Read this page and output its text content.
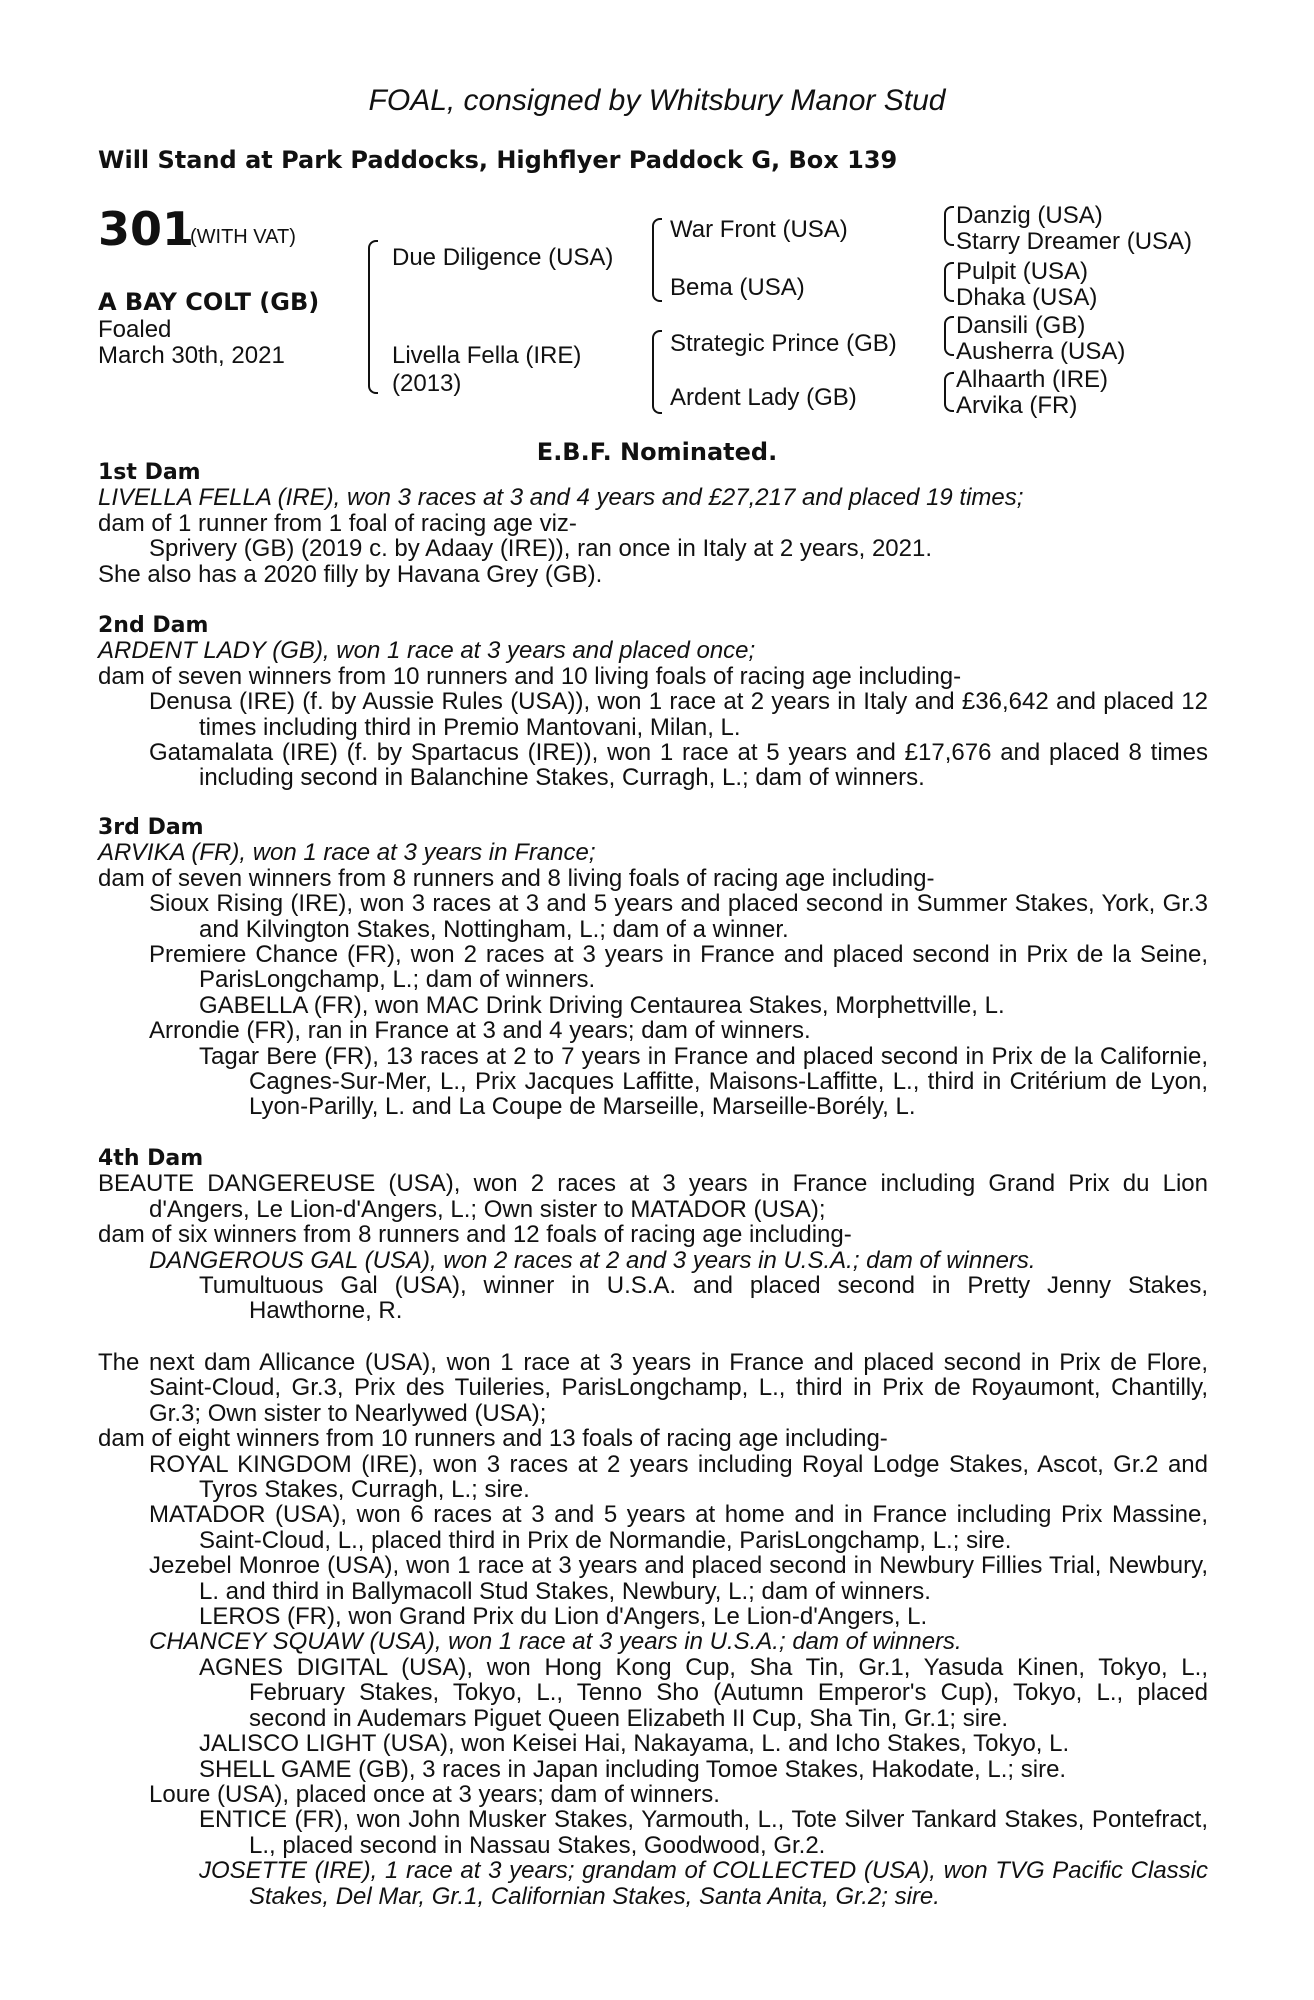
FOAL, consigned by Whitsbury Manor Stud
Will Stand at Park Paddocks, Highflyer Paddock G, Box 139
301
(WITH VAT)
A BAY COLT (GB)
Foaled
March 30th, 2021
Due Diligence (USA)
Livella Fella (IRE)
(2013)
War Front (USA)
Bema (USA)
Strategic Prince (GB)
Ardent Lady (GB)
Danzig (USA)
Starry Dreamer (USA)
Pulpit (USA)
Dhaka (USA)
Dansili (GB)
Ausherra (USA)
Alhaarth (IRE)
Arvika (FR)
E.B.F. Nominated.

1st Dam

LIVELLA FELLA (IRE), won 3 races at 3 and 4 years and £27,217 and placed 19 times;

dam of 1 runner from 1 foal of racing age viz-

Sprivery (GB) (2019 c. by Adaay (IRE)), ran once in Italy at 2 years, 2021.

She also has a 2020 filly by Havana Grey (GB).

2nd Dam

ARDENT LADY (GB), won 1 race at 3 years and placed once;

dam of seven winners from 10 runners and 10 living foals of racing age including-

Denusa (IRE) (f. by Aussie Rules (USA)), won 1 race at 2 years in Italy and £36,642 and placed 12 times including third in Premio Mantovani, Milan, L.

Gatamalata (IRE) (f. by Spartacus (IRE)), won 1 race at 5 years and £17,676 and placed 8 times including second in Balanchine Stakes, Curragh, L.; dam of winners.

3rd Dam

ARVIKA (FR), won 1 race at 3 years in France;

dam of seven winners from 8 runners and 8 living foals of racing age including-

Sioux Rising (IRE), won 3 races at 3 and 5 years and placed second in Summer Stakes, York, Gr.3 and Kilvington Stakes, Nottingham, L.; dam of a winner.

Premiere Chance (FR), won 2 races at 3 years in France and placed second in Prix de la Seine, ParisLongchamp, L.; dam of winners.

GABELLA (FR), won MAC Drink Driving Centaurea Stakes, Morphettville, L.

Arrondie (FR), ran in France at 3 and 4 years; dam of winners.

Tagar Bere (FR), 13 races at 2 to 7 years in France and placed second in Prix de la Californie, Cagnes-Sur-Mer, L., Prix Jacques Laffitte, Maisons-Laffitte, L., third in Critérium de Lyon, Lyon-Parilly, L. and La Coupe de Marseille, Marseille-Borély, L.

4th Dam

BEAUTE DANGEREUSE (USA), won 2 races at 3 years in France including Grand Prix du Lion d'Angers, Le Lion-d'Angers, L.; Own sister to MATADOR (USA);

dam of six winners from 8 runners and 12 foals of racing age including-

DANGEROUS GAL (USA), won 2 races at 2 and 3 years in U.S.A.; dam of winners.

Tumultuous Gal (USA), winner in U.S.A. and placed second in Pretty Jenny Stakes, Hawthorne, R.

The next dam Allicance (USA), won 1 race at 3 years in France and placed second in Prix de Flore, Saint-Cloud, Gr.3, Prix des Tuileries, ParisLongchamp, L., third in Prix de Royaumont, Chantilly, Gr.3; Own sister to Nearlywed (USA);

dam of eight winners from 10 runners and 13 foals of racing age including-

ROYAL KINGDOM (IRE), won 3 races at 2 years including Royal Lodge Stakes, Ascot, Gr.2 and Tyros Stakes, Curragh, L.; sire.

MATADOR (USA), won 6 races at 3 and 5 years at home and in France including Prix Massine, Saint-Cloud, L., placed third in Prix de Normandie, ParisLongchamp, L.; sire.

Jezebel Monroe (USA), won 1 race at 3 years and placed second in Newbury Fillies Trial, Newbury, L. and third in Ballymacoll Stud Stakes, Newbury, L.; dam of winners.

LEROS (FR), won Grand Prix du Lion d'Angers, Le Lion-d'Angers, L.

CHANCEY SQUAW (USA), won 1 race at 3 years in U.S.A.; dam of winners.

AGNES DIGITAL (USA), won Hong Kong Cup, Sha Tin, Gr.1, Yasuda Kinen, Tokyo, L., February Stakes, Tokyo, L., Tenno Sho (Autumn Emperor's Cup), Tokyo, L., placed second in Audemars Piguet Queen Elizabeth II Cup, Sha Tin, Gr.1; sire.

JALISCO LIGHT (USA), won Keisei Hai, Nakayama, L. and Icho Stakes, Tokyo, L.

SHELL GAME (GB), 3 races in Japan including Tomoe Stakes, Hakodate, L.; sire.

Loure (USA), placed once at 3 years; dam of winners.

ENTICE (FR), won John Musker Stakes, Yarmouth, L., Tote Silver Tankard Stakes, Pontefract, L., placed second in Nassau Stakes, Goodwood, Gr.2.

JOSETTE (IRE), 1 race at 3 years; grandam of COLLECTED (USA), won TVG Pacific Classic Stakes, Del Mar, Gr.1, Californian Stakes, Santa Anita, Gr.2; sire.
